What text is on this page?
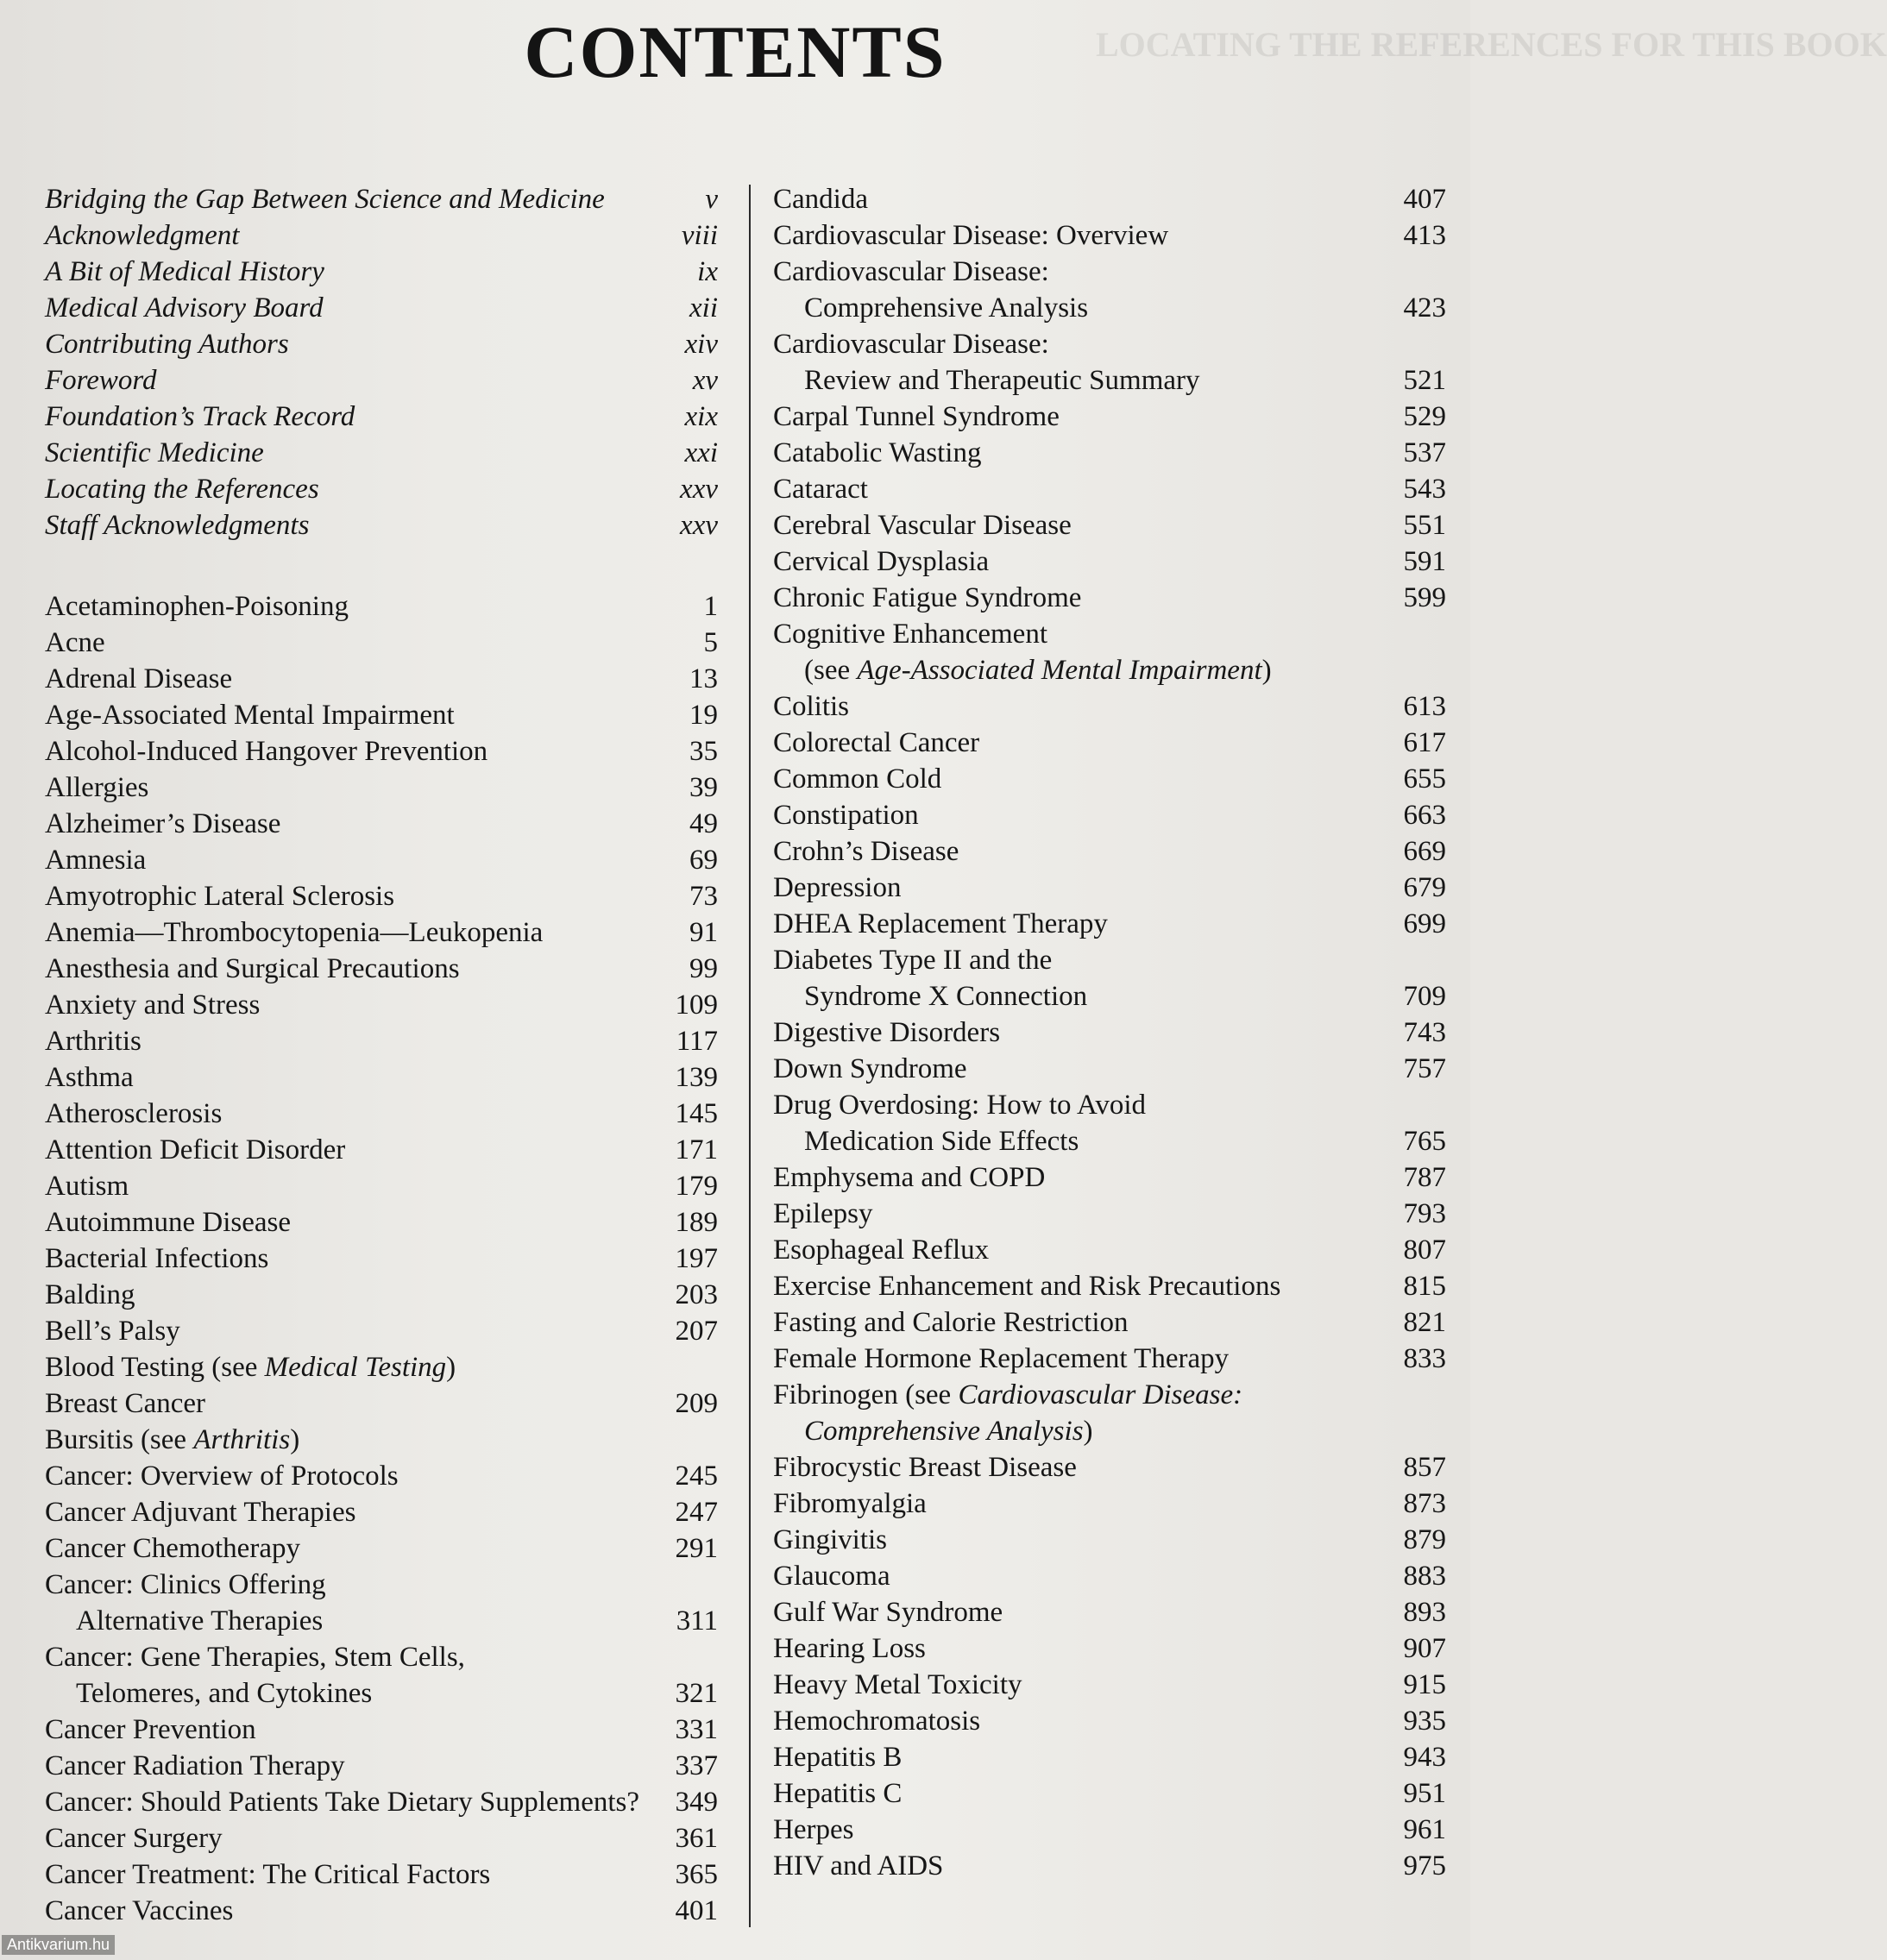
LOCATING THE REFERENCES FOR THIS BOOK
CONTENTS
Bridging the Gap Between Science and Medicine	v
Acknowledgment	viii
A Bit of Medical History	ix
Medical Advisory Board	xii
Contributing Authors	xiv
Foreword	xv
Foundation’s Track Record	xix
Scientific Medicine	xxi
Locating the References	xxv
Staff Acknowledgments	xxv
Acetaminophen-Poisoning	1
Acne	5
Adrenal Disease	13
Age-Associated Mental Impairment	19
Alcohol-Induced Hangover Prevention	35
Allergies	39
Alzheimer’s Disease	49
Amnesia	69
Amyotrophic Lateral Sclerosis	73
Anemia—Thrombocytopenia—Leukopenia	91
Anesthesia and Surgical Precautions	99
Anxiety and Stress	109
Arthritis	117
Asthma	139
Atherosclerosis	145
Attention Deficit Disorder	171
Autism	179
Autoimmune Disease	189
Bacterial Infections	197
Balding	203
Bell’s Palsy	207
Blood Testing (see Medical Testing)
Breast Cancer	209
Bursitis (see Arthritis)
Cancer: Overview of Protocols	245
Cancer Adjuvant Therapies	247
Cancer Chemotherapy	291
Cancer: Clinics Offering
Alternative Therapies	311
Cancer: Gene Therapies, Stem Cells,
Telomeres, and Cytokines	321
Cancer Prevention	331
Cancer Radiation Therapy	337
Cancer: Should Patients Take Dietary Supplements?	349
Cancer Surgery	361
Cancer Treatment: The Critical Factors	365
Cancer Vaccines	401
Candida	407
Cardiovascular Disease: Overview	413
Cardiovascular Disease:
Comprehensive Analysis	423
Cardiovascular Disease:
Review and Therapeutic Summary	521
Carpal Tunnel Syndrome	529
Catabolic Wasting	537
Cataract	543
Cerebral Vascular Disease	551
Cervical Dysplasia	591
Chronic Fatigue Syndrome	599
Cognitive Enhancement
(see Age-Associated Mental Impairment)
Colitis	613
Colorectal Cancer	617
Common Cold	655
Constipation	663
Crohn’s Disease	669
Depression	679
DHEA Replacement Therapy	699
Diabetes Type II and the
Syndrome X Connection	709
Digestive Disorders	743
Down Syndrome	757
Drug Overdosing: How to Avoid
Medication Side Effects	765
Emphysema and COPD	787
Epilepsy	793
Esophageal Reflux	807
Exercise Enhancement and Risk Precautions	815
Fasting and Calorie Restriction	821
Female Hormone Replacement Therapy	833
Fibrinogen (see Cardiovascular Disease:
Comprehensive Analysis)
Fibrocystic Breast Disease	857
Fibromyalgia	873
Gingivitis	879
Glaucoma	883
Gulf War Syndrome	893
Hearing Loss	907
Heavy Metal Toxicity	915
Hemochromatosis	935
Hepatitis B	943
Hepatitis C	951
Herpes	961
HIV and AIDS	975
Antikvarium.hu
